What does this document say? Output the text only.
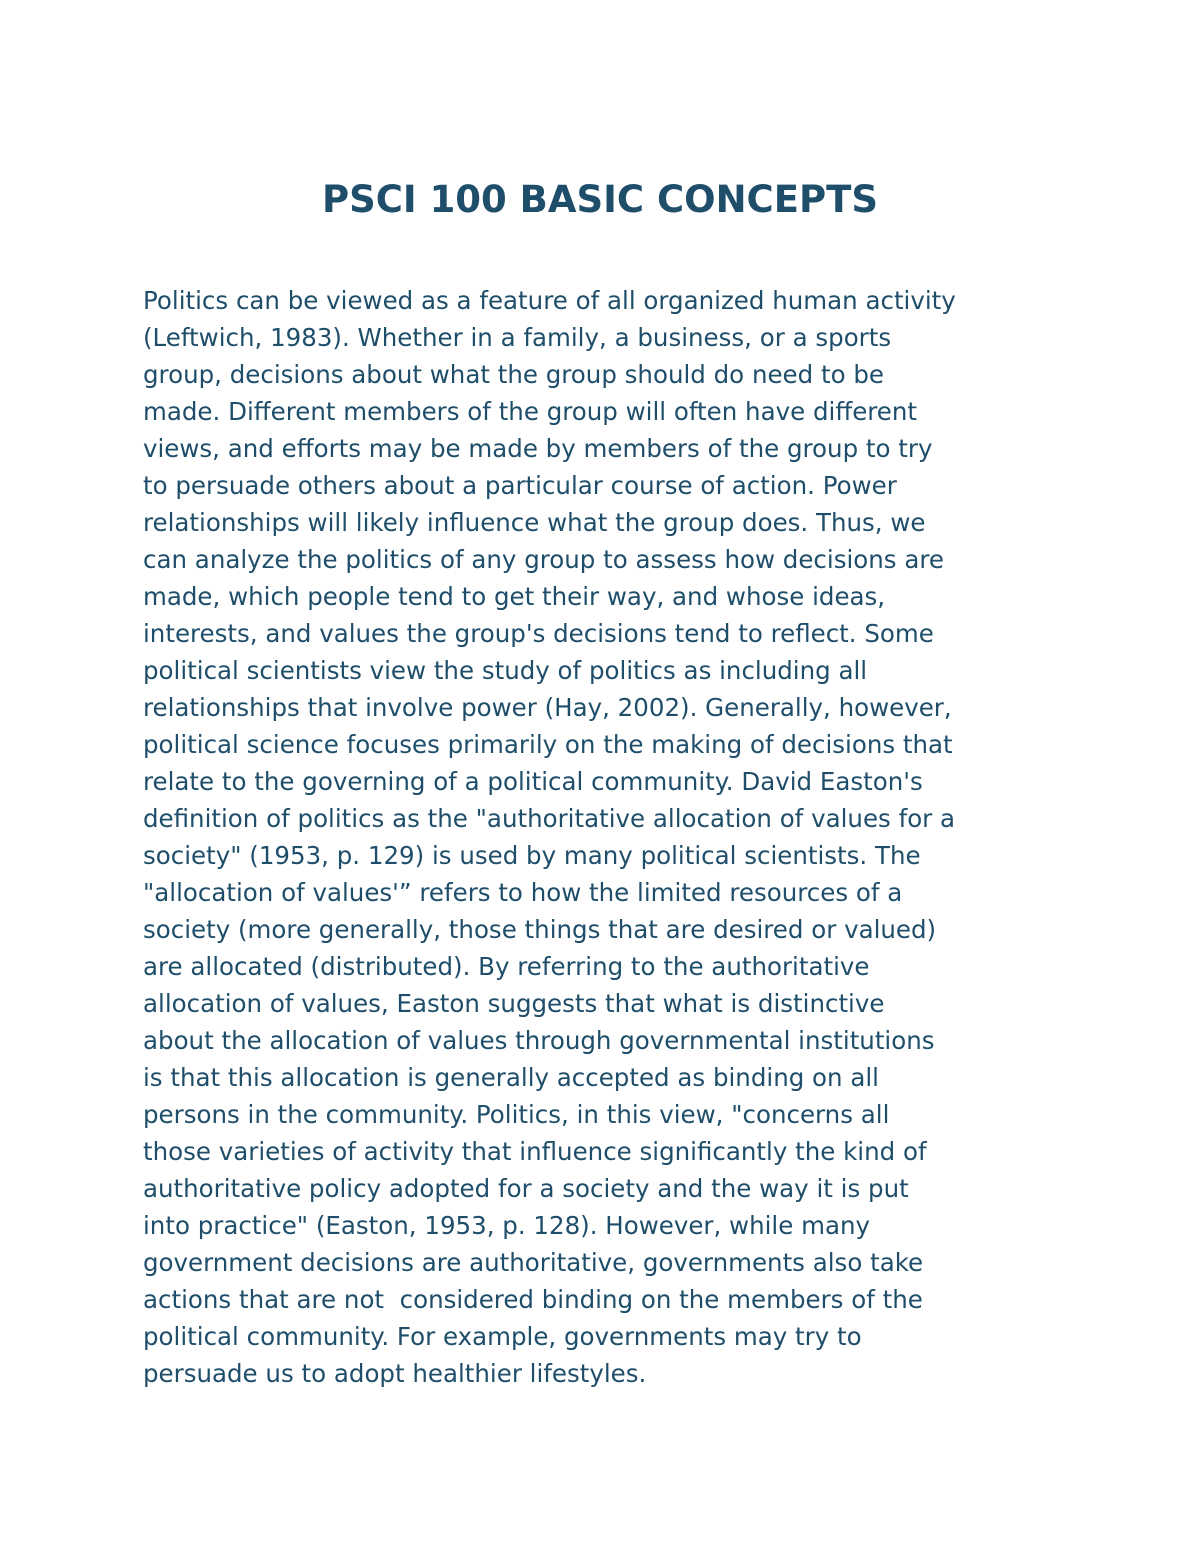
PSCI 100 BASIC CONCEPTS
Politics can be viewed as a feature of all organized human activity
(Leftwich, 1983). Whether in a family, a business, or a sports
group, decisions about what the group should do need to be
made. Different members of the group will often have different
views, and efforts may be made by members of the group to try
to persuade others about a particular course of action. Power
relationships will likely influence what the group does. Thus, we
can analyze the politics of any group to assess how decisions are
made, which people tend to get their way, and whose ideas,
interests, and values the group's decisions tend to reflect. Some
political scientists view the study of politics as including all
relationships that involve power (Hay, 2002). Generally, however,
political science focuses primarily on the making of decisions that
relate to the governing of a political community. David Easton's
definition of politics as the "authoritative allocation of values for a
society" (1953, p. 129) is used by many political scientists. The
"allocation of values'” refers to how the limited resources of a
society (more generally, those things that are desired or valued)
are allocated (distributed). By referring to the authoritative
allocation of values, Easton suggests that what is distinctive
about the allocation of values through governmental institutions
is that this allocation is generally accepted as binding on all
persons in the community. Politics, in this view, "concerns all
those varieties of activity that influence significantly the kind of
authoritative policy adopted for a society and the way it is put
into practice" (Easton, 1953, p. 128). However, while many
government decisions are authoritative, governments also take
actions that are not  considered binding on the members of the
political community. For example, governments may try to
persuade us to adopt healthier lifestyles.
